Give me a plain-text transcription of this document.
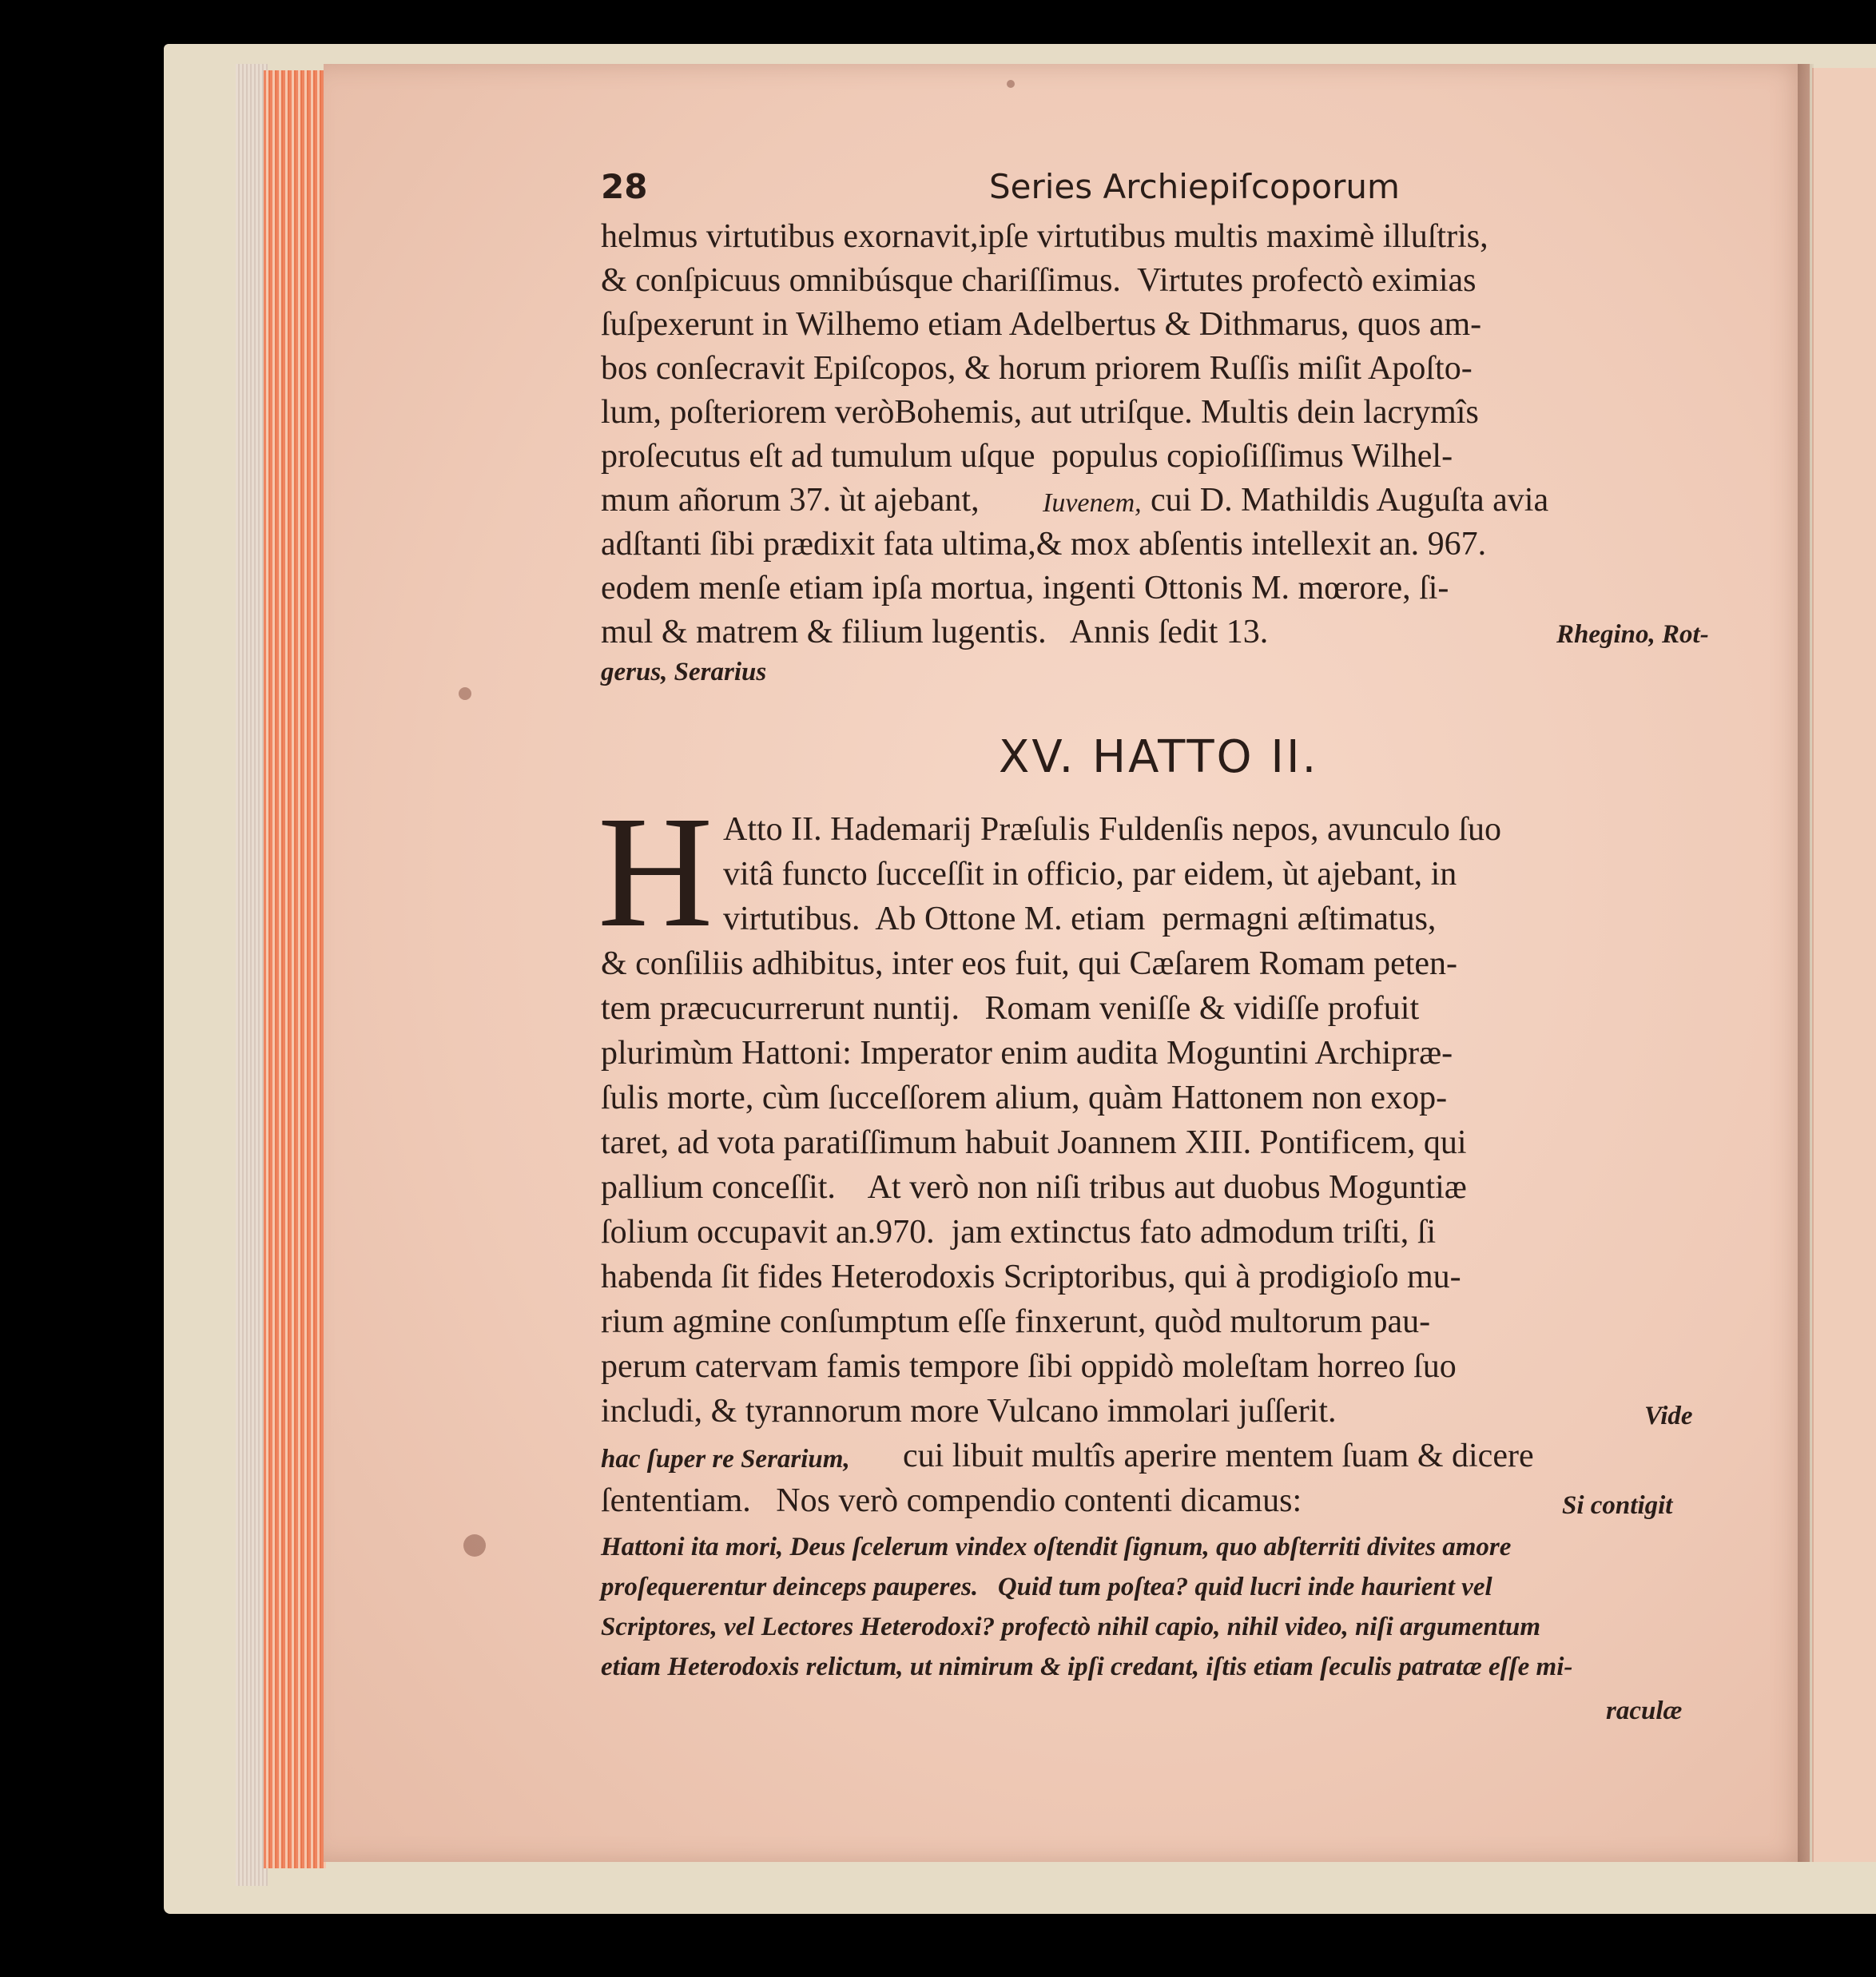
28	Series Archiepiſcoporum
helmus virtutibus exornavit,ipſe virtutibus multis maximè illuſtris,
& conſpicuus omnibúsque chariſſimus.  Virtutes profectò eximias
ſuſpexerunt in Wilhemo etiam Adelbertus & Dithmarus, quos am-
bos conſecravit Epiſcopos, & horum priorem Ruſſis miſit Apoſto-
lum, poſteriorem veròBohemis, aut utriſque. Multis dein lacrymîs
proſecutus eſt ad tumulum uſque  populus copioſiſſimus Wilhel-
mum añorum 37. ùt ajebant, Iuvenem, cui D. Mathildis Auguſta avia
adſtanti ſibi prædixit fata ultima,& mox abſentis intellexit an. 967.
eodem menſe etiam ipſa mortua, ingenti Ottonis M. mœrore, ſi-
mul & matrem & filium lugentis.   Annis ſedit 13.	Rhegino, Rot-
gerus, Serarius
XV. HATTO II.
H Atto II. Hademarij Præſulis Fuldenſis nepos, avunculo ſuo
vitâ functo ſucceſſit in officio, par eidem, ùt ajebant, in
virtutibus.  Ab Ottone M. etiam  permagni æſtimatus,
& conſiliis adhibitus, inter eos fuit, qui Cæſarem Romam peten-
tem præcucurrerunt nuntij.   Romam veniſſe & vidiſſe profuit
plurimùm Hattoni: Imperator enim audita Moguntini Archipræ-
ſulis morte, cùm ſucceſſorem alium, quàm Hattonem non exop-
taret, ad vota paratiſſimum habuit Joannem XIII. Pontificem, qui
pallium conceſſit.    At verò non niſi tribus aut duobus Moguntiæ
ſolium occupavit an.970.  jam extinctus fato admodum triſti, ſi
habenda ſit fides Heterodoxis Scriptoribus, qui à prodigioſo mu-
rium agmine conſumptum eſſe finxerunt, quòd multorum pau-
perum catervam famis tempore ſibi oppidò moleſtam horreo ſuo
includi, & tyrannorum more Vulcano immolari juſſerit.	Vide
hac ſuper re Serarium, cui libuit multîs aperire mentem ſuam & dicere
ſententiam.   Nos verò compendio contenti dicamus:	Si contigit
Hattoni ita mori, Deus ſcelerum vindex oſtendit ſignum, quo abſterriti divites amore
proſequerentur deinceps pauperes.   Quid tum poſtea? quid lucri inde haurient vel
Scriptores, vel Lectores Heterodoxi? profectò nihil capio, nihil video, niſi argumentum
etiam Heterodoxis relictum, ut nimirum & ipſi credant, iſtis etiam ſeculis patratæ eſſe mi-
raculæ
